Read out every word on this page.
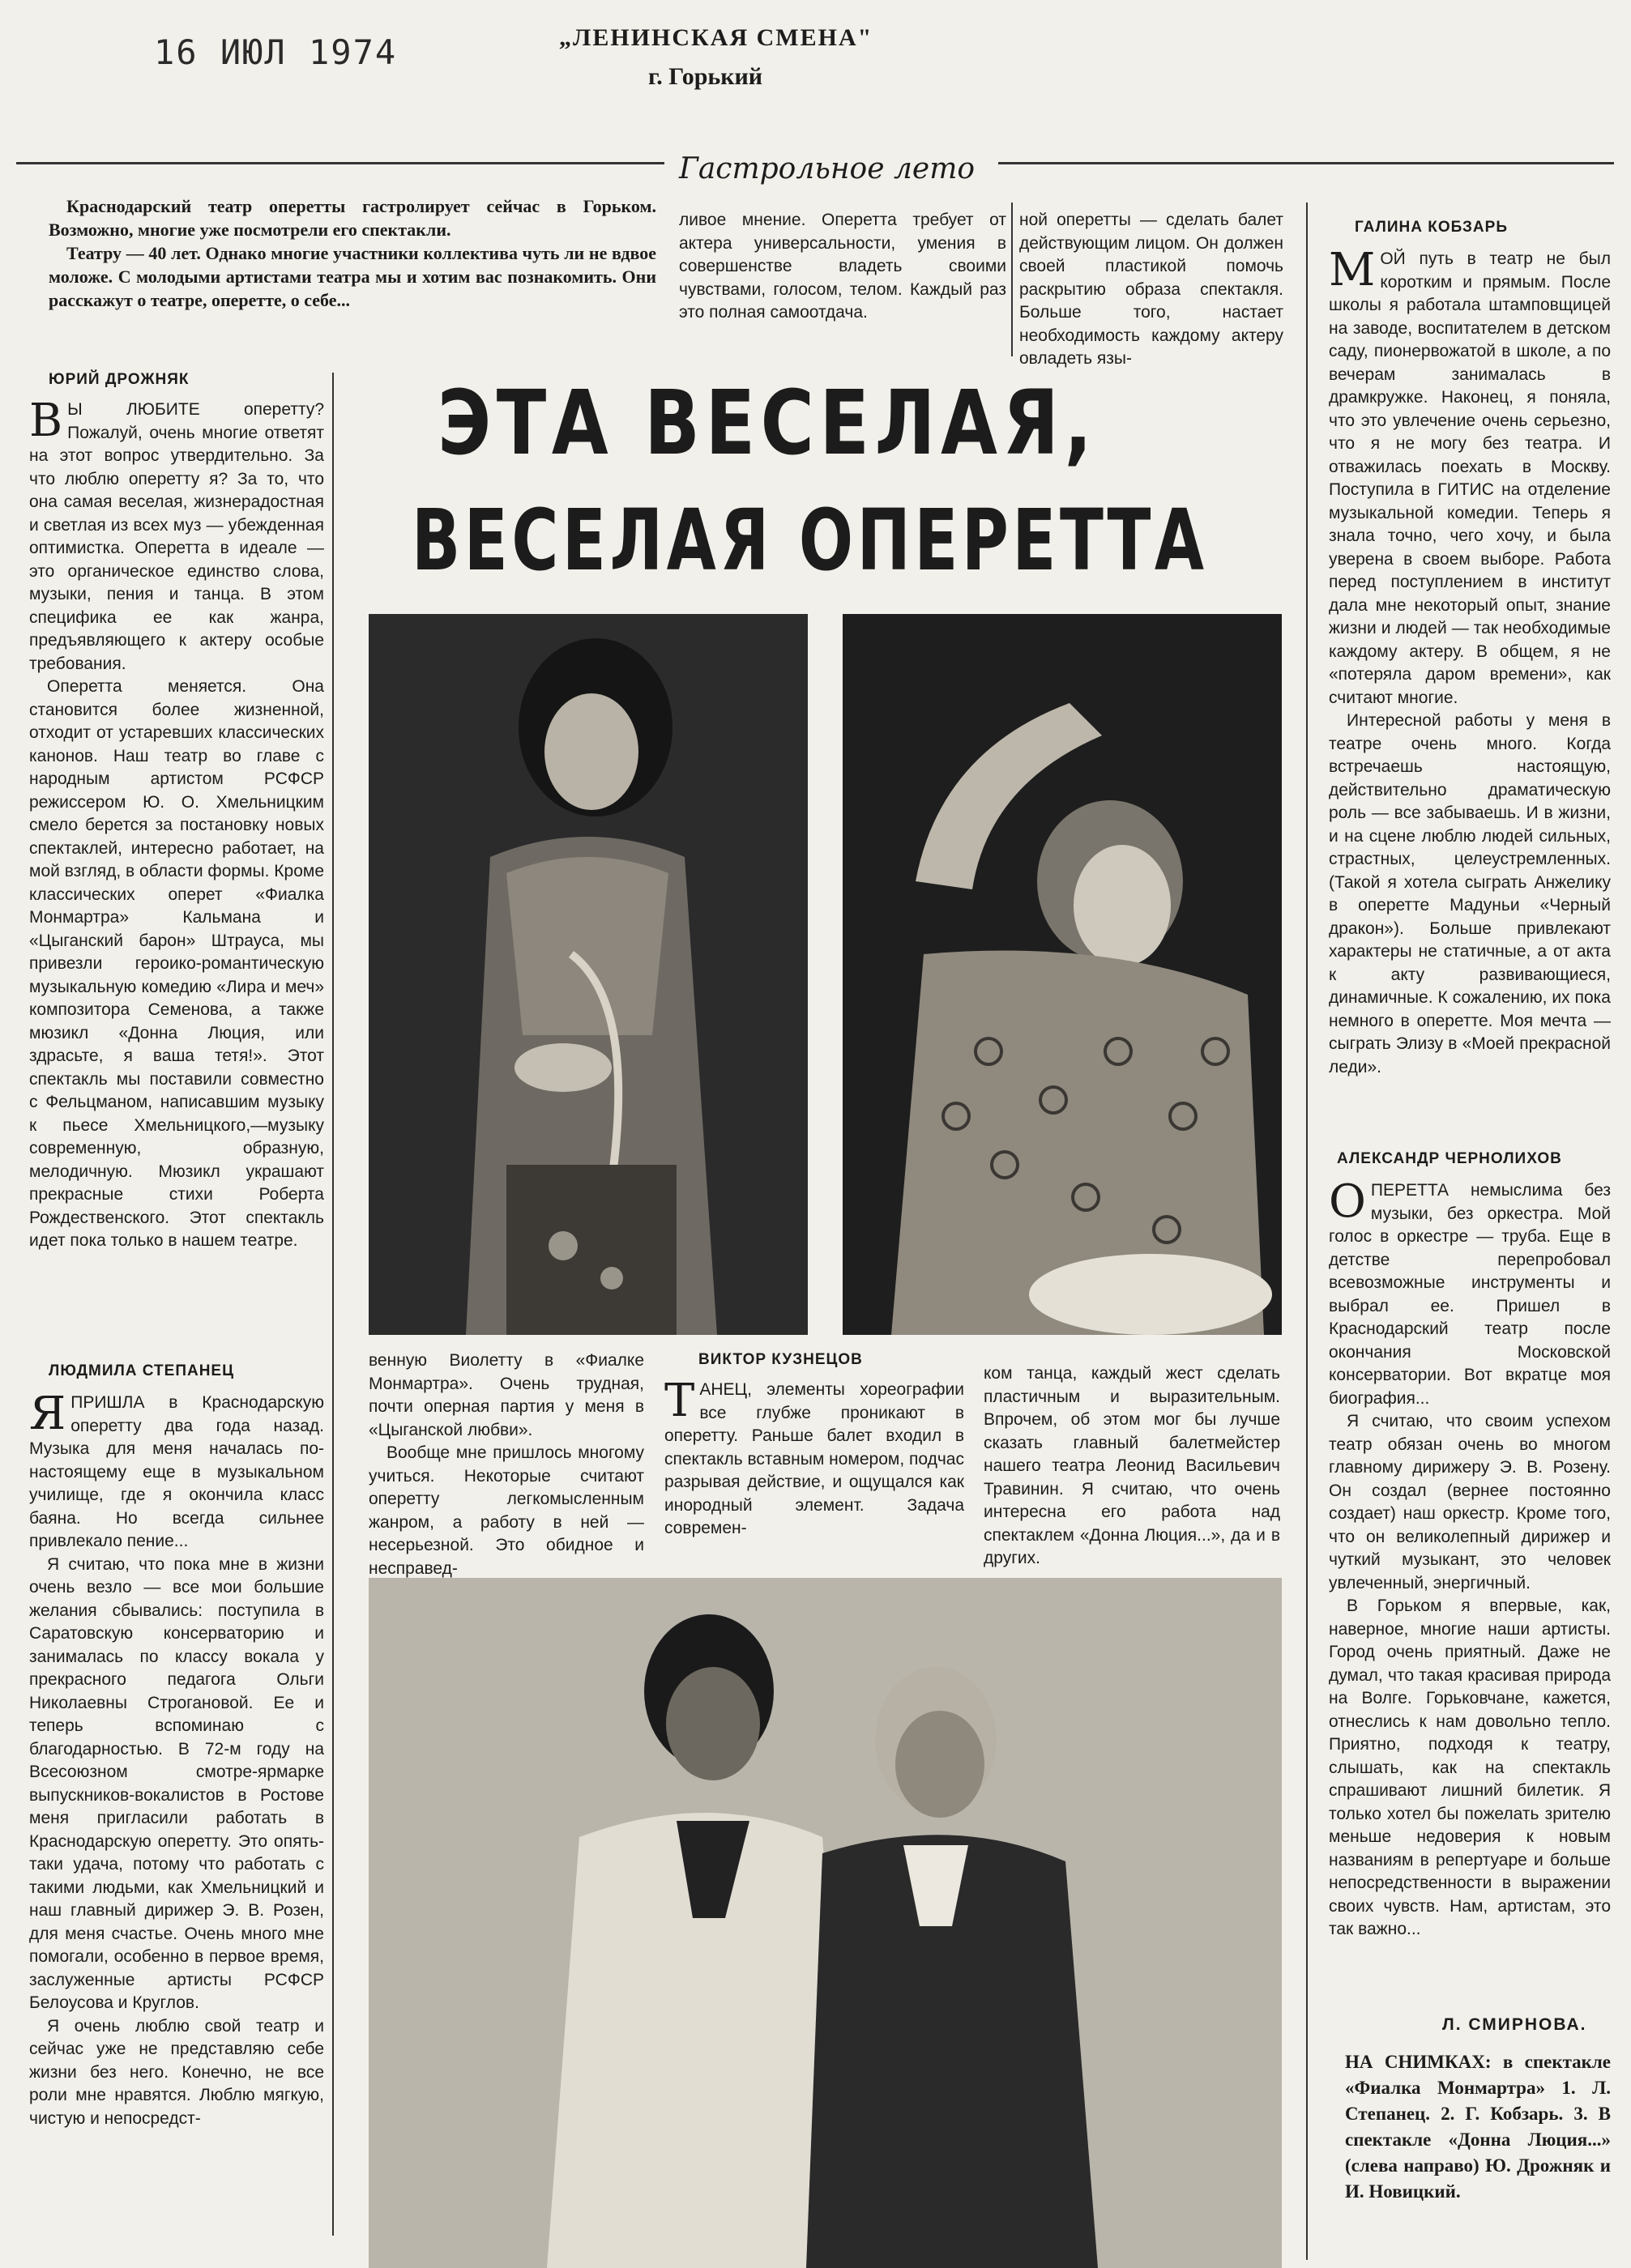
16 ИЮЛ 1974	„ЛЕНИНСКАЯ СМЕНА"
г. Горький
Гастрольное лето

Краснодарский театр оперетты гастролирует сейчас в Горьком. Возможно, многие уже посмотрели его спектакли.

Театру — 40 лет. Однако многие участники коллектива чуть ли не вдвое моложе. С молодыми артистами театра мы и хотим вас познакомить. Они расскажут о театре, оперетте, о себе...

ливое мнение. Оперетта требует от актера универсальности, умения в совершенстве владеть своими чувствами, голосом, телом. Каждый раз это полная самоотдача.

ной оперетты — сделать балет действующим лицом. Он должен своей пластикой помочь раскрытию образа спектакля. Больше того, настает необходимость каждому актеру овладеть язы-

ЭТА ВЕСЕЛАЯ,
ВЕСЕЛАЯ ОПЕРЕТТА
ЮРИЙ ДРОЖНЯК

В Ы ЛЮБИТЕ оперетту? Пожалуй, очень многие ответят на этот вопрос утвердительно. За что люблю оперетту я? За то, что она самая веселая, жизнерадостная и светлая из всех муз — убежденная оптимистка. Оперетта в идеале — это органическое единство слова, музыки, пения и танца. В этом специфика ее как жанра, предъявляющего к актеру особые требования.

Оперетта меняется. Она становится более жизненной, отходит от устаревших классических канонов. Наш театр во главе с народным артистом РСФСР режиссером Ю. О. Хмельницким смело берется за постановку новых спектаклей, интересно работает, на мой взгляд, в области формы. Кроме классических оперет «Фиалка Монмартра» Кальмана и «Цыганский барон» Штрауса, мы привезли героико-романтическую музыкальную комедию «Лира и меч» композитора Семенова, а также мюзикл «Донна Люция, или здрасьте, я ваша тетя!». Этот спектакль мы поставили совместно с Фельцманом, написавшим музыку к пьесе Хмельницкого,—музыку современную, образную, мелодичную. Мюзикл украшают прекрасные стихи Роберта Рождественского. Этот спектакль идет пока только в нашем театре.

ЛЮДМИЛА СТЕПАНЕЦ

ЯПРИШЛА в Краснодарскую оперетту два года назад. Музыка для меня началась по-настоящему еще в музыкальном училище, где я окончила класс баяна. Но всегда сильнее привлекало пение...

Я считаю, что пока мне в жизни очень везло — все мои большие желания сбывались: поступила в Саратовскую консерваторию и занималась по классу вокала у прекрасного педагога Ольги Николаевны Строгановой. Ее и теперь вспоминаю с благодарностью. В 72-м году на Всесоюзном смотре-ярмарке выпускников-вокалистов в Ростове меня пригласили работать в Краснодарскую оперетту. Это опять-таки удача, потому что работать с такими людьми, как Хмельницкий и наш главный дирижер Э. В. Розен, для меня счастье. Очень много мне помогали, особенно в первое время, заслуженные артисты РСФСР Белоусова и Круглов.

Я очень люблю свой театр и сейчас уже не представляю себе жизни без него. Конечно, не все роли мне нравятся. Люблю мягкую, чистую и непосредст-

венную Виолетту в «Фиалке Монмартра». Очень трудная, почти оперная партия у меня в «Цыганской любви».

Вообще мне пришлось многому учиться. Некоторые считают оперетту легкомысленным жанром, а работу в ней — несерьезной. Это обидное и несправед-

ВИКТОР КУЗНЕЦОВ

ТАНЕЦ, элементы хореографии все глубже проникают в оперетту. Раньше балет входил в спектакль вставным номером, подчас разрывая действие, и ощущался как инородный элемент. Задача современ-

ком танца, каждый жест сделать пластичным и выразительным. Впрочем, об этом мог бы лучше сказать главный балетмейстер нашего театра Леонид Васильевич Травинин. Я считаю, что очень интересна его работа над спектаклем «Донна Люция...», да и в других.

ГАЛИНА КОБЗАРЬ

МОЙ путь в театр не был коротким и прямым. После школы я работала штамповщицей на заводе, воспитателем в детском саду, пионервожатой в школе, а по вечерам занималась в драмкружке. Наконец, я поняла, что это увлечение очень серьезно, что я не могу без театра. И отважилась поехать в Москву. Поступила в ГИТИС на отделение музыкальной комедии. Теперь я знала точно, чего хочу, и была уверена в своем выборе. Работа перед поступлением в институт дала мне некоторый опыт, знание жизни и людей — так необходимые каждому актеру. В общем, я не «потеряла даром времени», как считают многие.

Интересной работы у меня в театре очень много. Когда встречаешь настоящую, действительно драматическую роль — все забываешь. И в жизни, и на сцене люблю людей сильных, страстных, целеустремленных. (Такой я хотела сыграть Анжелику в оперетте Мадуньи «Черный дракон»). Больше привлекают характеры не статичные, а от акта к акту развивающиеся, динамичные. К сожалению, их пока немного в оперетте. Моя мечта — сыграть Элизу в «Моей прекрасной леди».

АЛЕКСАНДР ЧЕРНОЛИХОВ

ОПЕРЕТТА немыслима без музыки, без оркестра. Мой голос в оркестре — труба. Еще в детстве перепробовал всевозможные инструменты и выбрал ее. Пришел в Краснодарский театр после окончания Московской консерватории. Вот вкратце моя биография...

Я считаю, что своим успехом театр обязан очень во многом главному дирижеру Э. В. Розену. Он создал (вернее постоянно создает) наш оркестр. Кроме того, что он великолепный дирижер и чуткий музыкант, это человек увлеченный, энергичный.

В Горьком я впервые, как, наверное, многие наши артисты. Город очень приятный. Даже не думал, что такая красивая природа на Волге. Горьковчане, кажется, отнеслись к нам довольно тепло. Приятно, подходя к театру, слышать, как на спектакль спрашивают лишний билетик. Я только хотел бы пожелать зрителю меньше недоверия к новым названиям в репертуаре и больше непосредственности в выражении своих чувств. Нам, артистам, это так важно...

Л. СМИРНОВА.

НА СНИМКАХ: в спектакле «Фиалка Монмартра» 1. Л. Степанец. 2. Г. Кобзарь. 3. В спектакле «Донна Люция...» (слева направо) Ю. Дрожняк и И. Новицкий.
